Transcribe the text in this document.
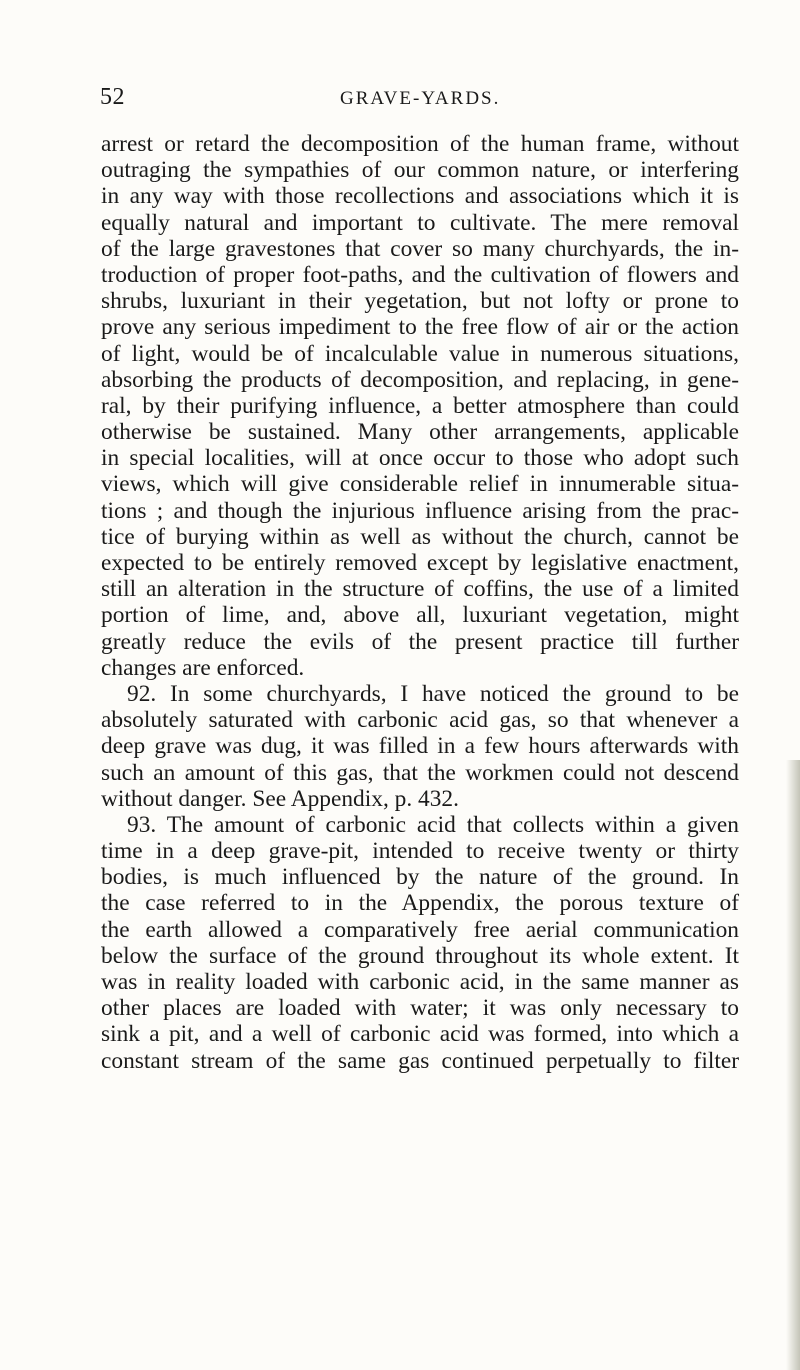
52	GRAVE-YARDS.
arrest or retard the decomposition of the human frame, without
outraging the sympathies of our common nature, or interfering
in any way with those recollections and associations which it is
equally natural and important to cultivate. The mere removal
of the large gravestones that cover so many churchyards, the in-
troduction of proper foot-paths, and the cultivation of flowers and
shrubs, luxuriant in their yegetation, but not lofty or prone to
prove any serious impediment to the free flow of air or the action
of light, would be of incalculable value in numerous situations,
absorbing the products of decomposition, and replacing, in gene-
ral, by their purifying influence, a better atmosphere than could
otherwise be sustained. Many other arrangements, applicable
in special localities, will at once occur to those who adopt such
views, which will give considerable relief in innumerable situa-
tions ; and though the injurious influence arising from the prac-
tice of burying within as well as without the church, cannot be
expected to be entirely removed except by legislative enactment,
still an alteration in the structure of coffins, the use of a limited
portion of lime, and, above all, luxuriant vegetation, might
greatly reduce the evils of the present practice till further
changes are enforced.
92. In some churchyards, I have noticed the ground to be
absolutely saturated with carbonic acid gas, so that whenever a
deep grave was dug, it was filled in a few hours afterwards with
such an amount of this gas, that the workmen could not descend
without danger. See Appendix, p. 432.
93. The amount of carbonic acid that collects within a given
time in a deep grave-pit, intended to receive twenty or thirty
bodies, is much influenced by the nature of the ground. In
the case referred to in the Appendix, the porous texture of
the earth allowed a comparatively free aerial communication
below the surface of the ground throughout its whole extent. It
was in reality loaded with carbonic acid, in the same manner as
other places are loaded with water; it was only necessary to
sink a pit, and a well of carbonic acid was formed, into which a
constant stream of the same gas continued perpetually to filter
